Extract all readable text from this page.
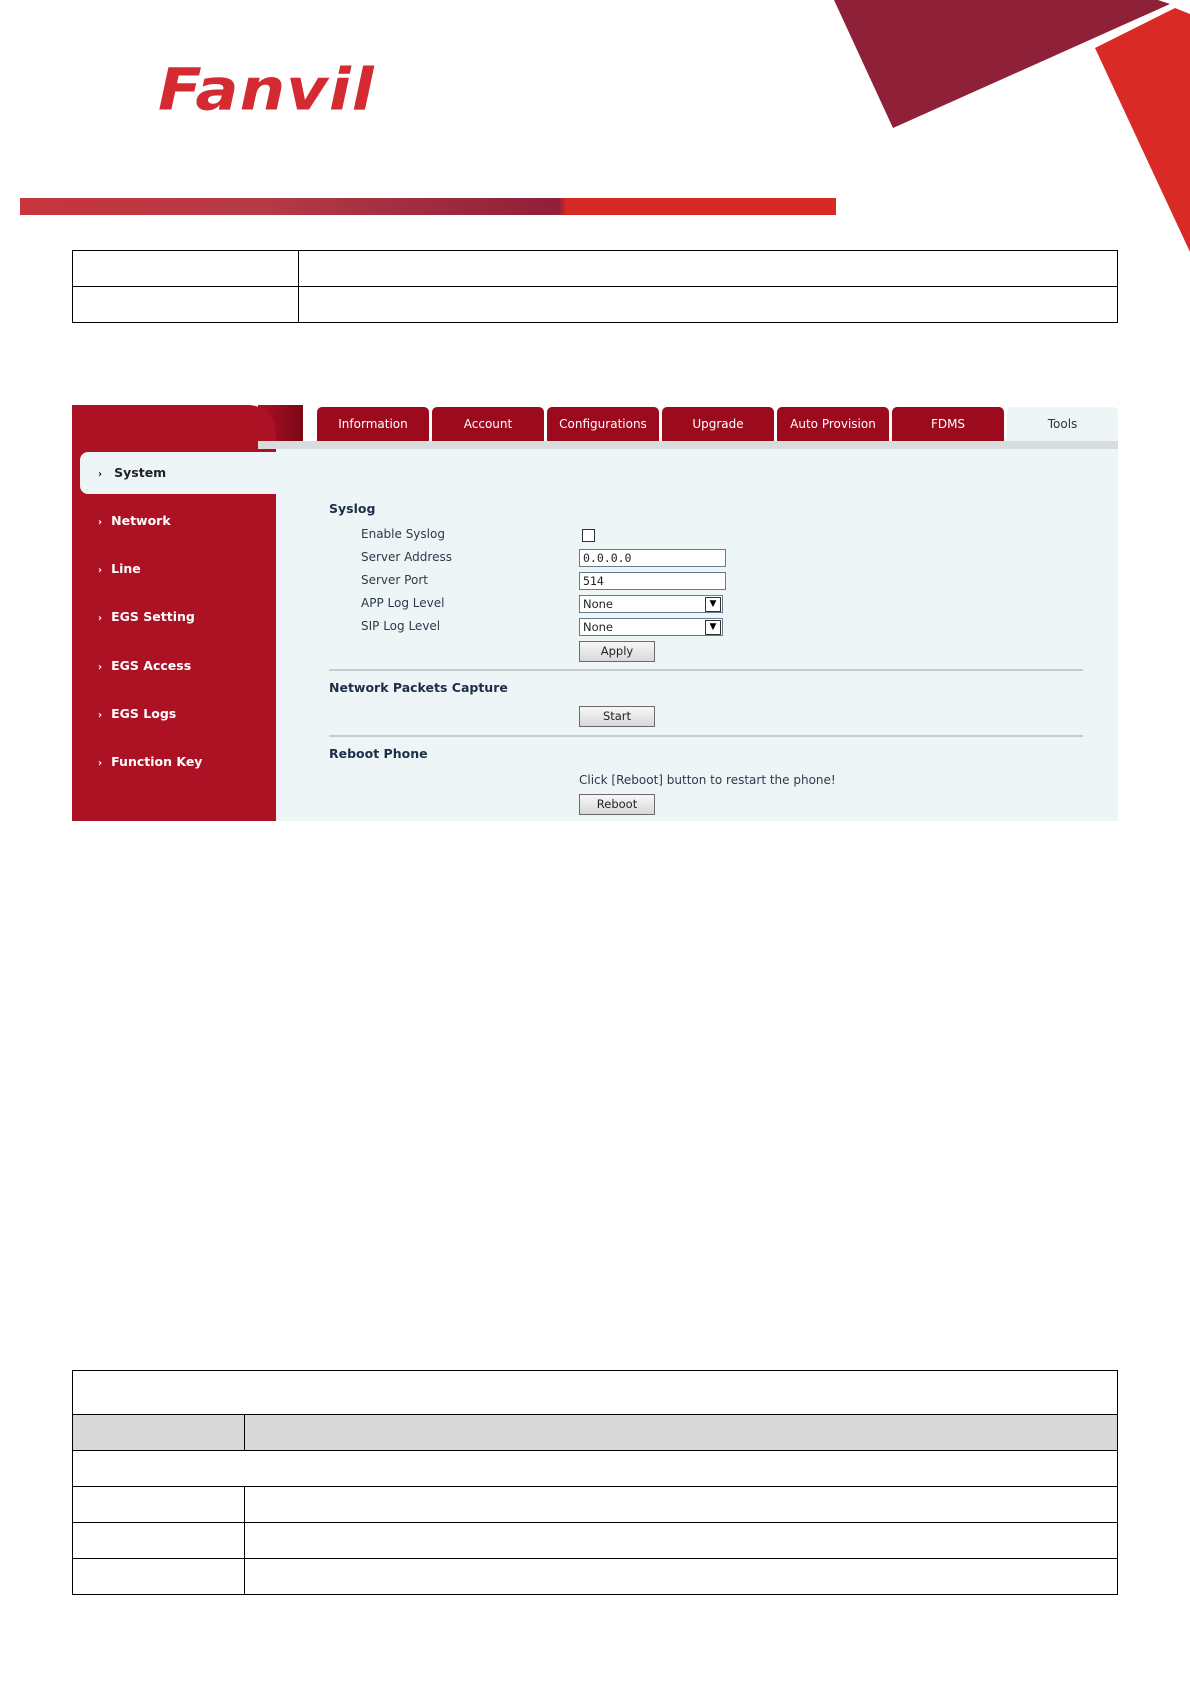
Fanvil

Information	Account	Configurations	Upgrade	Auto Provision	FDMS	Tools
› System
› Network
› Line
› EGS Setting
› EGS Access
› EGS Logs
› Function Key
Syslog
Enable Syslog
Server Address	0.0.0.0
Server Port	514
APP Log Level	None	▼
SIP Log Level	None	▼
Apply
Network Packets Capture
Start
Reboot Phone
Click [Reboot] button to restart the phone!
Reboot
